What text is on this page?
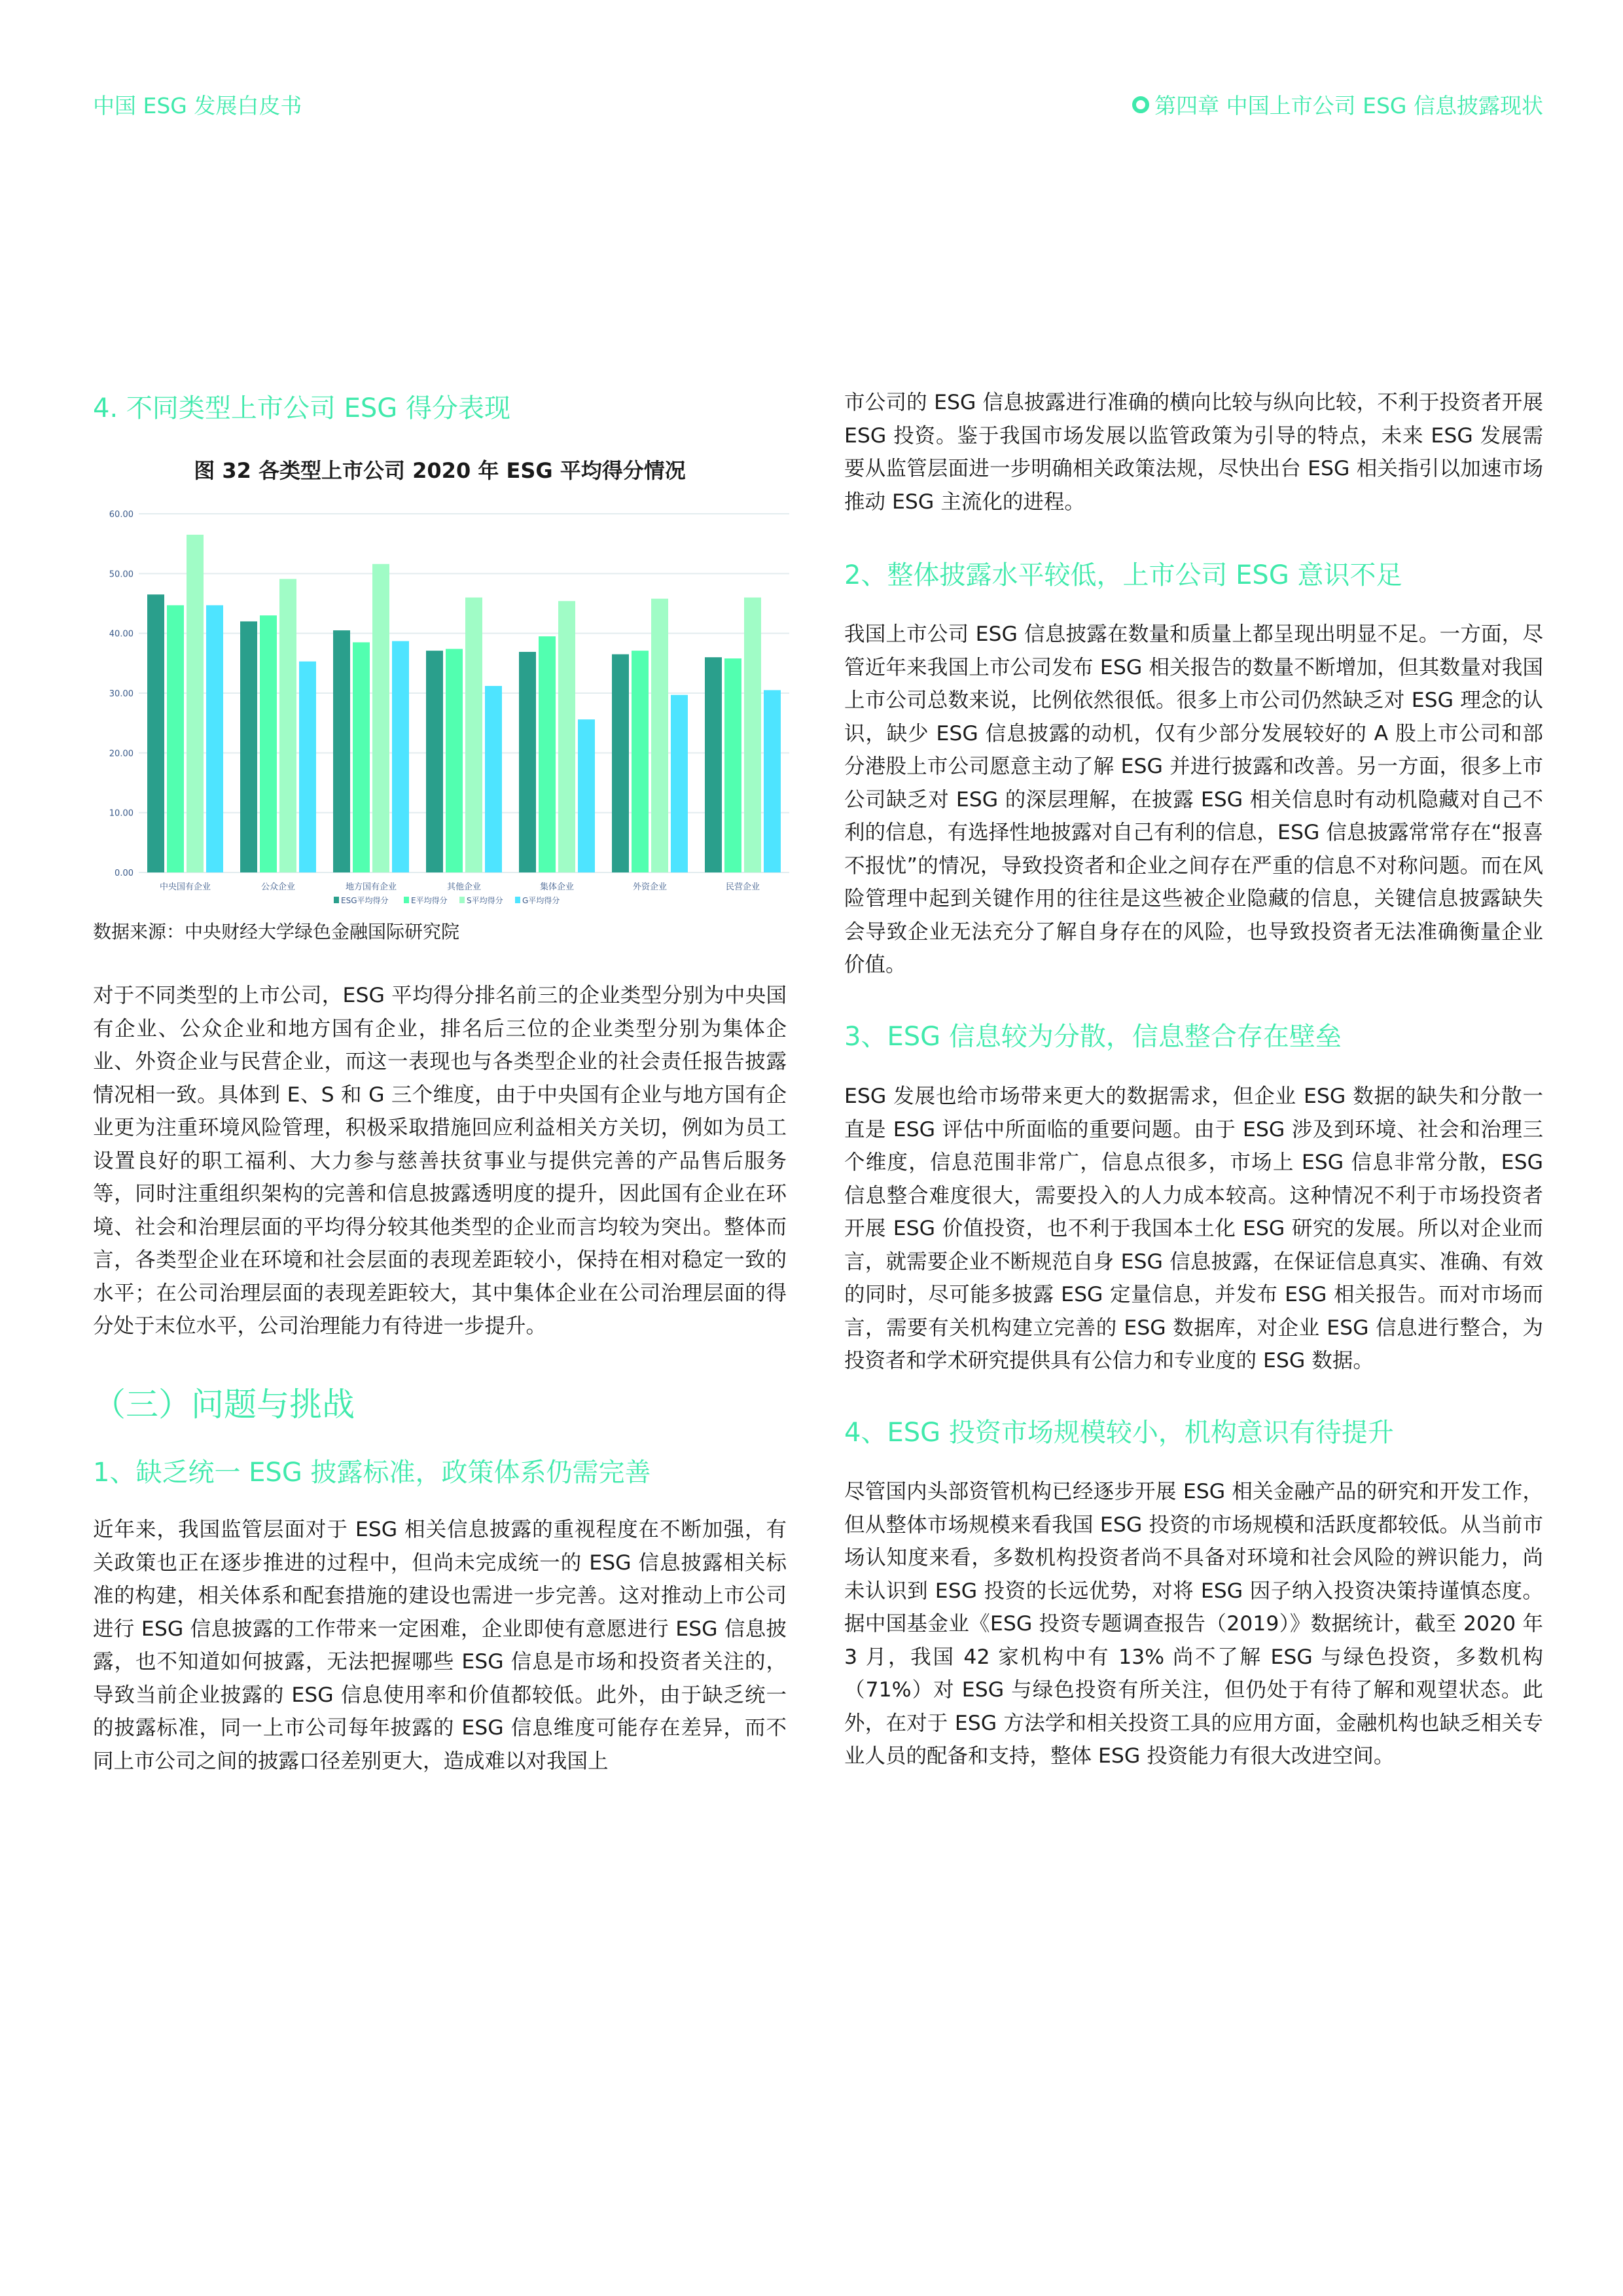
中国 ESG 发展白皮书	第四章 中国上市公司 ESG 信息披露现状
4. 不同类型上市公司 ESG 得分表现
图 32 各类型上市公司 2020 年 ESG 平均得分情况
0.00
10.00
20.00
30.00
40.00
50.00
60.00
中央国有企业	公众企业	地方国有企业	其他企业	集体企业	外资企业	民营企业
ESG平均得分	E平均得分 S平均得分 G平均得分
数据来源：中央财经大学绿色金融国际研究院
对于不同类型的上市公司，ESG 平均得分排名前三的企业类型分别为中央国有企业、公众企业和地方国有企业，排名后三位的企业类型分别为集体企业、外资企业与民营企业，而这一表现也与各类型企业的社会责任报告披露情况相一致。具体到 E、S 和 G 三个维度，由于中央国有企业与地方国有企业更为注重环境风险管理，积极采取措施回应利益相关方关切，例如为员工设置良好的职工福利、大力参与慈善扶贫事业与提供完善的产品售后服务等，同时注重组织架构的完善和信息披露透明度的提升，因此国有企业在环境、社会和治理层面的平均得分较其他类型的企业而言均较为突出。整体而言，各类型企业在环境和社会层面的表现差距较小，保持在相对稳定一致的水平；在公司治理层面的表现差距较大，其中集体企业在公司治理层面的得分处于末位水平，公司治理能力有待进一步提升。
（三）问题与挑战
1、缺乏统一 ESG 披露标准，政策体系仍需完善
近年来，我国监管层面对于 ESG 相关信息披露的重视程度在不断加强，有关政策也正在逐步推进的过程中，但尚未完成统一的 ESG 信息披露相关标准的构建，相关体系和配套措施的建设也需进一步完善。这对推动上市公司进行 ESG 信息披露的工作带来一定困难，企业即使有意愿进行 ESG 信息披露，也不知道如何披露，无法把握哪些 ESG 信息是市场和投资者关注的，导致当前企业披露的 ESG 信息使用率和价值都较低。此外，由于缺乏统一的披露标准，同一上市公司每年披露的 ESG 信息维度可能存在差异，而不同上市公司之间的披露口径差别更大，造成难以对我国上
市公司的 ESG 信息披露进行准确的横向比较与纵向比较，不利于投资者开展 ESG 投资。鉴于我国市场发展以监管政策为引导的特点，未来 ESG 发展需要从监管层面进一步明确相关政策法规，尽快出台 ESG 相关指引以加速市场推动 ESG 主流化的进程。
2、整体披露水平较低，上市公司 ESG 意识不足
我国上市公司 ESG 信息披露在数量和质量上都呈现出明显不足。一方面，尽管近年来我国上市公司发布 ESG 相关报告的数量不断增加，但其数量对我国上市公司总数来说，比例依然很低。很多上市公司仍然缺乏对 ESG 理念的认识，缺少 ESG 信息披露的动机，仅有少部分发展较好的 A 股上市公司和部分港股上市公司愿意主动了解 ESG 并进行披露和改善。另一方面，很多上市公司缺乏对 ESG 的深层理解，在披露 ESG 相关信息时有动机隐藏对自己不利的信息，有选择性地披露对自己有利的信息，ESG 信息披露常常存在“报喜不报忧”的情况，导致投资者和企业之间存在严重的信息不对称问题。而在风险管理中起到关键作用的往往是这些被企业隐藏的信息，关键信息披露缺失会导致企业无法充分了解自身存在的风险，也导致投资者无法准确衡量企业价值。
3、ESG 信息较为分散，信息整合存在壁垒
ESG 发展也给市场带来更大的数据需求，但企业 ESG 数据的缺失和分散一直是 ESG 评估中所面临的重要问题。由于 ESG 涉及到环境、社会和治理三个维度，信息范围非常广，信息点很多，市场上 ESG 信息非常分散，ESG 信息整合难度很大，需要投入的人力成本较高。这种情况不利于市场投资者开展 ESG 价值投资，也不利于我国本土化 ESG 研究的发展。所以对企业而言，就需要企业不断规范自身 ESG 信息披露，在保证信息真实、准确、有效的同时，尽可能多披露 ESG 定量信息，并发布 ESG 相关报告。而对市场而言，需要有关机构建立完善的 ESG 数据库，对企业 ESG 信息进行整合，为投资者和学术研究提供具有公信力和专业度的 ESG 数据。
4、ESG 投资市场规模较小，机构意识有待提升
尽管国内头部资管机构已经逐步开展 ESG 相关金融产品的研究和开发工作，但从整体市场规模来看我国 ESG 投资的市场规模和活跃度都较低。从当前市场认知度来看，多数机构投资者尚不具备对环境和社会风险的辨识能力，尚未认识到 ESG 投资的长远优势，对将 ESG 因子纳入投资决策持谨慎态度。据中国基金业《ESG 投资专题调查报告（2019）》数据统计，截至 2020 年 3 月，我国 42 家机构中有 13% 尚不了解 ESG 与绿色投资，多数机构（71%）对 ESG 与绿色投资有所关注，但仍处于有待了解和观望状态。此外，在对于 ESG 方法学和相关投资工具的应用方面，金融机构也缺乏相关专业人员的配备和支持，整体 ESG 投资能力有很大改进空间。
